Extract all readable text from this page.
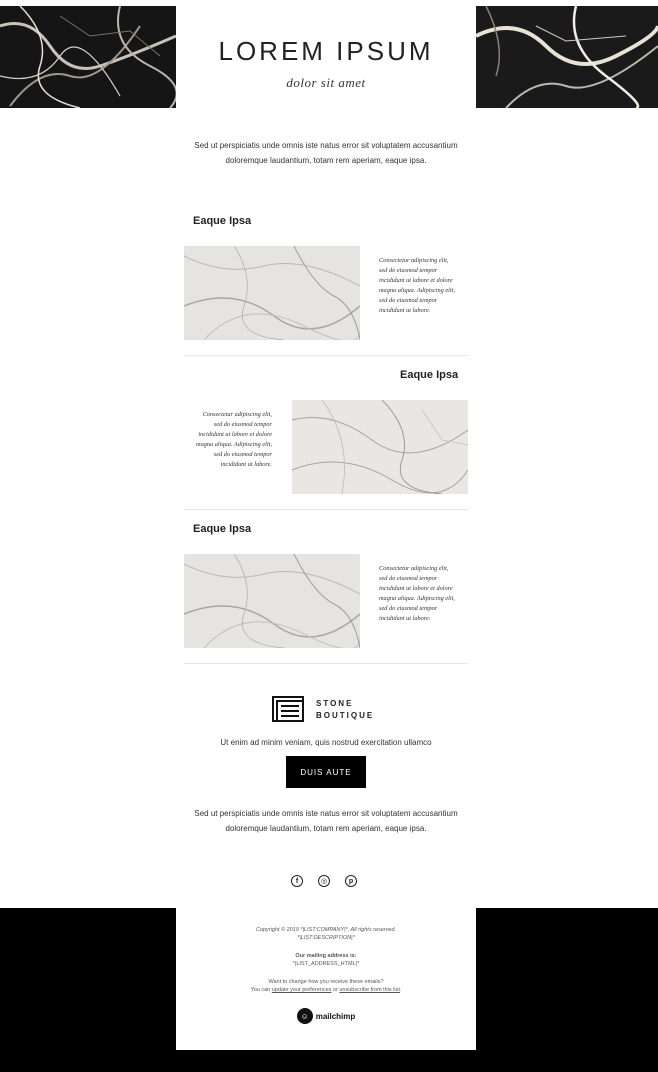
LOREM IPSUM
dolor sit amet
Sed ut perspiciatis unde omnis iste natus error sit voluptatem accusantium
doloremque laudantium, totam rem aperiam, eaque ipsa.
Eaque Ipsa
Consectetur adipiscing elit,
sed do eiusmod tempor
incididunt ut labore et dolore
magna aliqua. Adipiscing elit,
sed do eiusmod tempor
incididunt ut labore.
Eaque Ipsa
Consectetur adipiscing elit,
sed do eiusmod tempor
incididunt ut labore et dolore
magna aliqua. Adipiscing elit,
sed do eiusmod tempor
incididunt ut labore.
Eaque Ipsa
Consectetur adipiscing elit,
sed do eiusmod tempor
incididunt ut labore et dolore
magna aliqua. Adipiscing elit,
sed do eiusmod tempor
incididunt ut labore.
STONE
BOUTIQUE
Ut enim ad minim veniam, quis nostrud exercitation ullamco
DUIS AUTE
Sed ut perspiciatis unde omnis iste natus error sit voluptatem accusantium
doloremque laudantium, totam rem aperiam, eaque ipsa.
f	◎	p
Copyright © 2019 *|LIST:COMPANY|*, All rights reserved.
*|LIST:DESCRIPTION|*
Our mailing address is:
*|LIST_ADDRESS_HTML|*
Want to change how you receive these emails?
You can update your preferences or unsubscribe from this list.
☺ mailchimp
